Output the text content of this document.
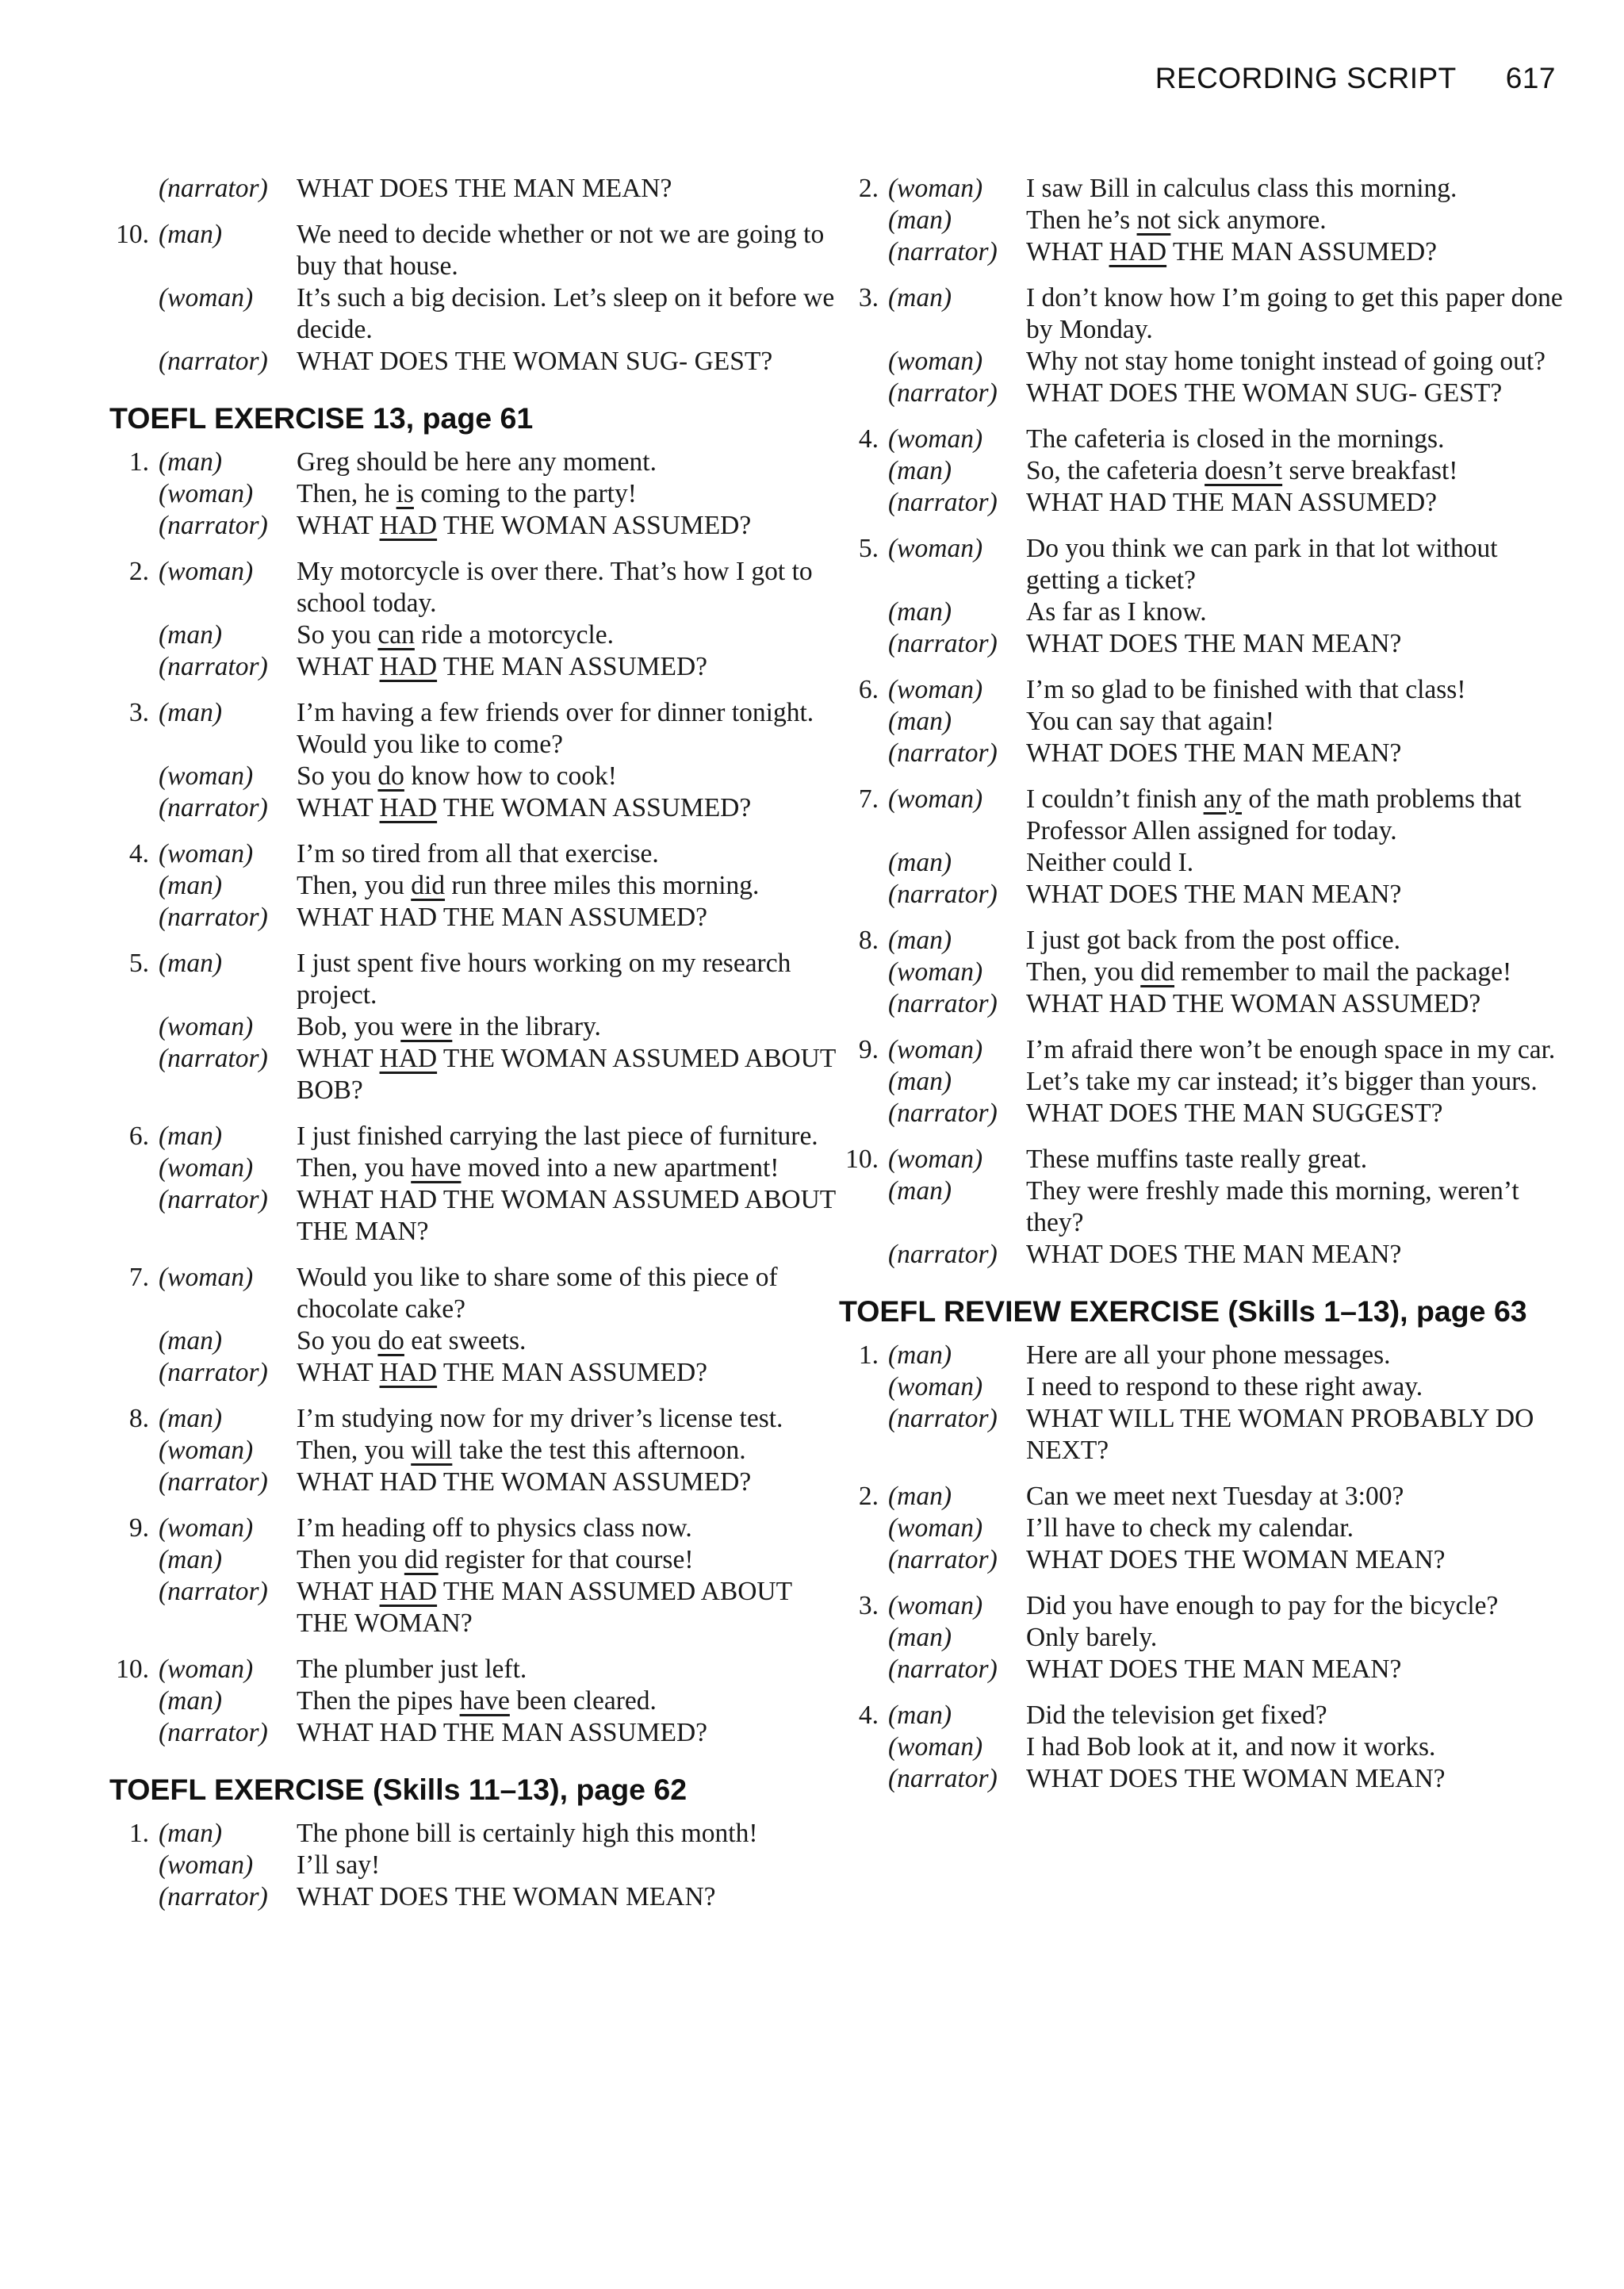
RECORDING SCRIPT 617
(narrator)	WHAT DOES THE MAN MEAN?
10. (man)	We need to decide whether or not we are going to buy that house.
(woman)	It’s such a big decision. Let’s sleep on it before we decide.
(narrator)	WHAT DOES THE WOMAN SUG- GEST?
TOEFL EXERCISE 13, page 61
1. (man)	Greg should be here any moment.
(woman)	Then, he is coming to the party!
(narrator)	WHAT HAD THE WOMAN ASSUMED?
2. (woman)	My motorcycle is over there. That’s how I got to school today.
(man)	So you can ride a motorcycle.
(narrator)	WHAT HAD THE MAN ASSUMED?
3. (man)	I’m having a few friends over for dinner tonight. Would you like to come?
(woman)	So you do know how to cook!
(narrator)	WHAT HAD THE WOMAN ASSUMED?
4. (woman)	I’m so tired from all that exercise.
(man)	Then, you did run three miles this morning.
(narrator)	WHAT HAD THE MAN ASSUMED?
5. (man)	I just spent five hours working on my research project.
(woman)	Bob, you were in the library.
(narrator)	WHAT HAD THE WOMAN ASSUMED ABOUT BOB?
6. (man)	I just finished carrying the last piece of furniture.
(woman)	Then, you have moved into a new apartment!
(narrator)	WHAT HAD THE WOMAN ASSUMED ABOUT THE MAN?
7. (woman)	Would you like to share some of this piece of chocolate cake?
(man)	So you do eat sweets.
(narrator)	WHAT HAD THE MAN ASSUMED?
8. (man)	I’m studying now for my driver’s license test.
(woman)	Then, you will take the test this afternoon.
(narrator)	WHAT HAD THE WOMAN ASSUMED?
9. (woman)	I’m heading off to physics class now.
(man)	Then you did register for that course!
(narrator)	WHAT HAD THE MAN ASSUMED ABOUT THE WOMAN?
10. (woman)	The plumber just left.
(man)	Then the pipes have been cleared.
(narrator)	WHAT HAD THE MAN ASSUMED?
TOEFL EXERCISE (Skills 11–13), page 62
1. (man)	The phone bill is certainly high this month!
(woman)	I’ll say!
(narrator)	WHAT DOES THE WOMAN MEAN?
2. (woman)	I saw Bill in calculus class this morning.
(man)	Then he’s not sick anymore.
(narrator)	WHAT HAD THE MAN ASSUMED?
3. (man)	I don’t know how I’m going to get this paper done by Monday.
(woman)	Why not stay home tonight instead of going out?
(narrator)	WHAT DOES THE WOMAN SUG- GEST?
4. (woman)	The cafeteria is closed in the mornings.
(man)	So, the cafeteria doesn’t serve breakfast!
(narrator)	WHAT HAD THE MAN ASSUMED?
5. (woman)	Do you think we can park in that lot without getting a ticket?
(man)	As far as I know.
(narrator)	WHAT DOES THE MAN MEAN?
6. (woman)	I’m so glad to be finished with that class!
(man)	You can say that again!
(narrator)	WHAT DOES THE MAN MEAN?
7. (woman)	I couldn’t finish any of the math problems that Professor Allen assigned for today.
(man)	Neither could I.
(narrator)	WHAT DOES THE MAN MEAN?
8. (man)	I just got back from the post office.
(woman)	Then, you did remember to mail the package!
(narrator)	WHAT HAD THE WOMAN ASSUMED?
9. (woman)	I’m afraid there won’t be enough space in my car.
(man)	Let’s take my car instead; it’s bigger than yours.
(narrator)	WHAT DOES THE MAN SUGGEST?
10. (woman)	These muffins taste really great.
(man)	They were freshly made this morning, weren’t they?
(narrator)	WHAT DOES THE MAN MEAN?
TOEFL REVIEW EXERCISE (Skills 1–13), page 63
1. (man)	Here are all your phone messages.
(woman)	I need to respond to these right away.
(narrator)	WHAT WILL THE WOMAN PROBABLY DO NEXT?
2. (man)	Can we meet next Tuesday at 3:00?
(woman)	I’ll have to check my calendar.
(narrator)	WHAT DOES THE WOMAN MEAN?
3. (woman)	Did you have enough to pay for the bicycle?
(man)	Only barely.
(narrator)	WHAT DOES THE MAN MEAN?
4. (man)	Did the television get fixed?
(woman)	I had Bob look at it, and now it works.
(narrator)	WHAT DOES THE WOMAN MEAN?
